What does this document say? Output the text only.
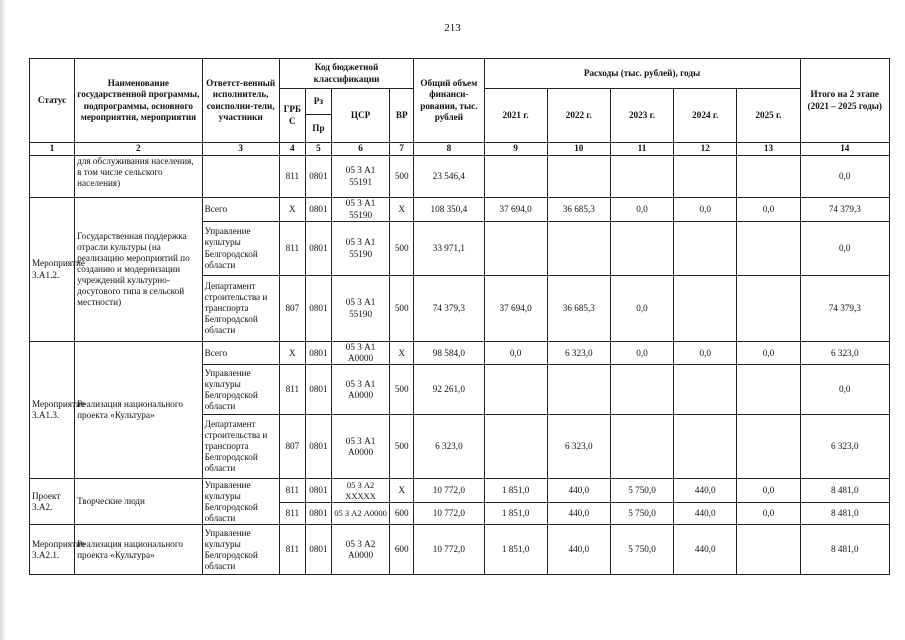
213
Статус	Наименование государственной программы, подпрограммы, основного мероприятия, мероприятия	Ответст-венный исполнитель, соисполни-тели, участники	Код бюджетной классификации				Общий объем финанси-рования, тыс. рублей	Расходы (тыс. рублей), годы					Итого на 2 этапе (2021 – 2025 годы)
			ГРБ С	Рз	ЦСР	ВР		2021 г.	2022 г.	2023 г.	2024 г.	2025 г.	
				Пр									
1	2	3	4	5	6	7	8	9	10	11	12	13	14
	для обслуживания населения, в том числе сельского населения)		811	0801	05 3 А1 55191	500	23 546,4						0,0
Мероприятие 3.А1.2.	Государственная поддержка отрасли культуры (на реализацию мероприятий по созданию и модернизации учреждений культурно-досугового типа в сельской местности)	Всего	Х	0801	05 3 А1 55190	Х	108 350,4	37 694,0	36 685,3	0,0	0,0	0,0	74 379,3
		Управление культуры Белгородской области	811	0801	05 3 А1 55190	500	33 971,1						0,0
		Департамент строительства и транспорта Белгородской области	807	0801	05 3 А1 55190	500	74 379,3	37 694,0	36 685,3	0,0			74 379,3
Мероприятие 3.А1.3.	Реализация национального проекта «Культура»	Всего	Х	0801	05 3 А1 А0000	Х	98 584,0	0,0	6 323,0	0,0	0,0	0,0	6 323,0
		Управление культуры Белгородской области	811	0801	05 3 А1 А0000	500	92 261,0						0,0
		Департамент строительства и транспорта Белгородской области	807	0801	05 3 А1 А0000	500	6 323,0		6 323,0				6 323,0
Проект 3.А2.	Творческие люди	Управление культуры Белгородской области	811	0801	05 3 А2 ХХХХХ	Х	10 772,0	1 851,0	440,0	5 750,0	440,0	0,0	8 481,0
			811	0801	05 3 А2 А0000	600	10 772,0	1 851,0	440,0	5 750,0	440,0	0,0	8 481,0
Мероприятие 3.А2.1.	Реализация национального проекта «Культура»	Управление культуры Белгородской области	811	0801	05 3 А2 А0000	600	10 772,0	1 851,0	440,0	5 750,0	440,0		8 481,0
